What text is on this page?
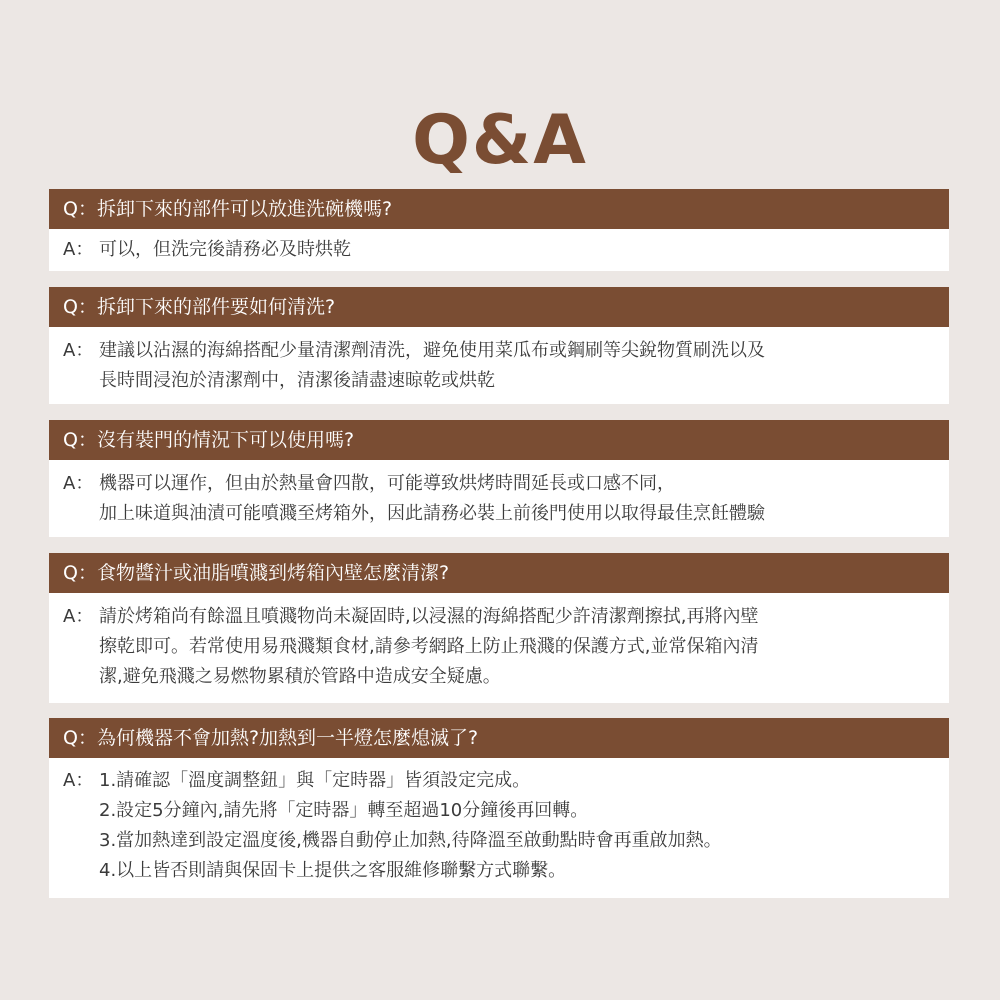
Q&A
Q：拆卸下來的部件可以放進洗碗機嗎?
A： 可以，但洗完後請務必及時烘乾
Q：拆卸下來的部件要如何清洗?
A： 建議以沾濕的海綿搭配少量清潔劑清洗，避免使用菜瓜布或鋼刷等尖銳物質刷洗以及
長時間浸泡於清潔劑中，清潔後請盡速晾乾或烘乾
Q：沒有裝門的情況下可以使用嗎?
A： 機器可以運作，但由於熱量會四散，可能導致烘烤時間延長或口感不同，
加上味道與油漬可能噴濺至烤箱外，因此請務必裝上前後門使用以取得最佳烹飪體驗
Q：食物醬汁或油脂噴濺到烤箱內壁怎麼清潔?
A： 請於烤箱尚有餘溫且噴濺物尚未凝固時,以浸濕的海綿搭配少許清潔劑擦拭,再將內壁
擦乾即可。若常使用易飛濺類食材,請參考網路上防止飛濺的保護方式,並常保箱內清
潔,避免飛濺之易燃物累積於管路中造成安全疑慮。
Q：為何機器不會加熱?加熱到一半燈怎麼熄滅了?
A： 1.請確認「溫度調整鈕」與「定時器」皆須設定完成。
2.設定5分鐘內,請先將「定時器」轉至超過10分鐘後再回轉。
3.當加熱達到設定溫度後,機器自動停止加熱,待降溫至啟動點時會再重啟加熱。
4.以上皆否則請與保固卡上提供之客服維修聯繫方式聯繫。
